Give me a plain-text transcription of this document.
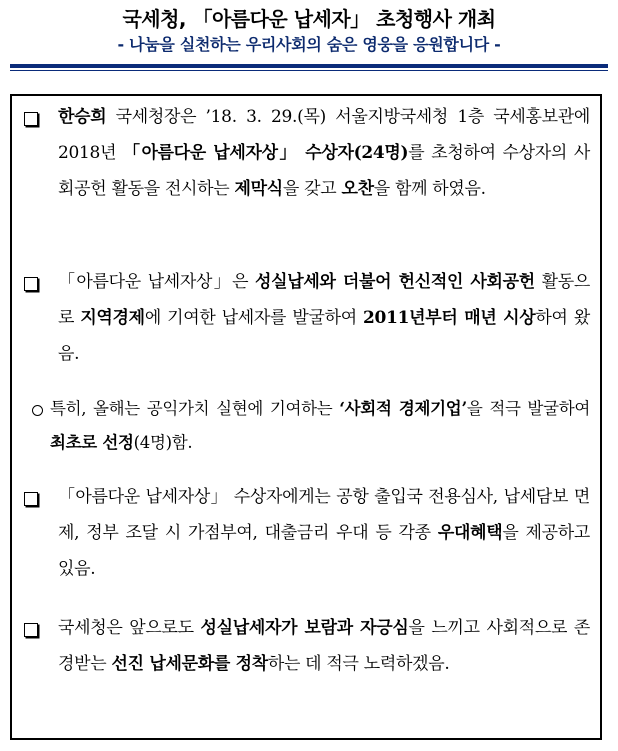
국세청, 「아름다운 납세자」 초청행사 개최
- 나눔을 실천하는 우리사회의 숨은 영웅을 응원합니다 -
한승희 국세청장은 ’18. 3. 29.(목) 서울지방국세청 1층 국세홍보관에 2018년 「아름다운 납세자상」 수상자(24명)를 초청하여 수상자의 사회공헌 활동을 전시하는 제막식을 갖고 오찬을 함께 하였음.
「아름다운 납세자상」은 성실납세와 더불어 헌신적인 사회공헌 활동으로 지역경제에 기여한 납세자를 발굴하여 2011년부터 매년 시상하여 왔음.
특히, 올해는 공익가치 실현에 기여하는 ‘사회적 경제기업’을 적극 발굴하여 최초로 선정(4명)함.
「아름다운 납세자상」 수상자에게는 공항 출입국 전용심사, 납세담보 면제, 정부 조달 시 가점부여, 대출금리 우대 등 각종 우대혜택을 제공하고 있음.
국세청은 앞으로도 성실납세자가 보람과 자긍심을 느끼고 사회적으로 존경받는 선진 납세문화를 정착하는 데 적극 노력하겠음.
